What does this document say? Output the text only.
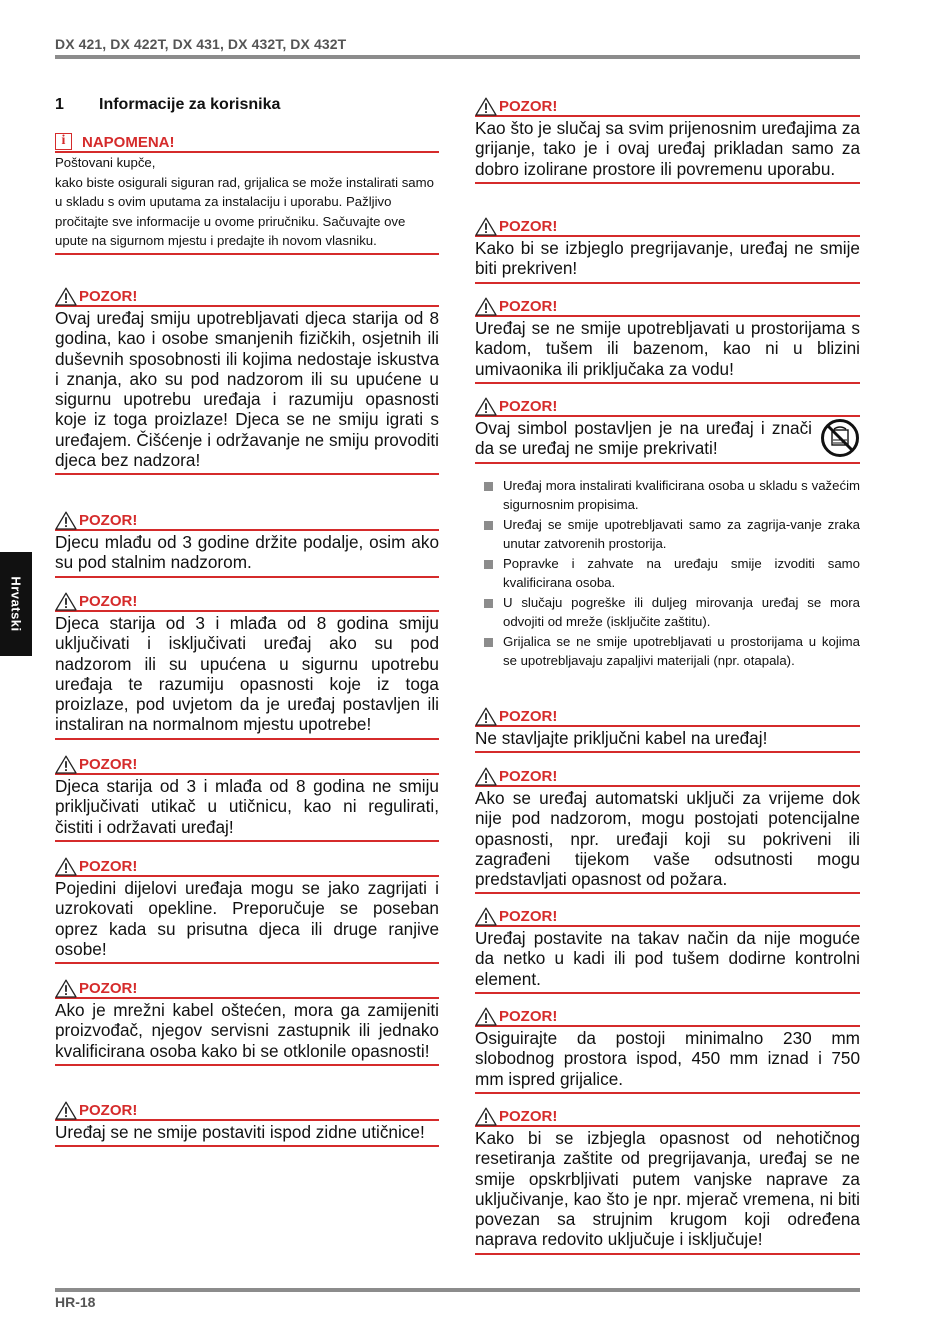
DX 421, DX 422T, DX 431, DX 432T, DX 432T
Hrvatski
1 Informacije za korisnika
i	NAPOMENA!

Poštovani kupče,

kako biste osigurali siguran rad, grijalica se može instalirati samo u skladu s ovim uputama za instalaciju i uporabu. Pažljivo pročitajte sve informacije u ovome priručniku. Sačuvajte ove upute na sigurnom mjestu i predajte ih novom vlasniku.

POZOR!
Ovaj uređaj smiju upotrebljavati djeca starija od 8 godina, kao i osobe smanjenih fizičkih, osjetnih ili duševnih sposobnosti ili kojima nedostaje iskustva i znanja, ako su pod nadzorom ili su upućene u sigurnu upotrebu uređaja i razumiju opasnosti koje iz toga proizlaze! Djeca se ne smiju igrati s uređajem. Čišćenje i održavanje ne smiju provoditi djeca bez nadzora!
POZOR!
Djecu mlađu od 3 godine držite podalje, osim ako su pod stalnim nadzorom.
POZOR!
Djeca starija od 3 i mlađa od 8 godina smiju uključivati i isključivati uređaj ako su pod nadzorom ili su upućena u sigurnu upotrebu uređaja te razumiju opasnosti koje iz toga proizlaze, pod uvjetom da je uređaj postavljen ili instaliran na normalnom mjestu upotrebe!
POZOR!
Djeca starija od 3 i mlađa od 8 godina ne smiju priključivati utikač u utičnicu, kao ni regulirati, čistiti i održavati uređaj!
POZOR!
Pojedini dijelovi uređaja mogu se jako zagrijati i uzrokovati opekline. Preporučuje se poseban oprez kada su prisutna djeca ili druge ranjive osobe!
POZOR!
Ako je mrežni kabel oštećen, mora ga zamijeniti proizvođač, njegov servisni zastupnik ili jednako kvalificirana osoba kako bi se otklonile opasnosti!
POZOR!
Uređaj se ne smije postaviti ispod zidne utičnice!
POZOR!
Kao što je slučaj sa svim prijenosnim uređajima za grijanje, tako je i ovaj uređaj prikladan samo za dobro izolirane prostore ili povremenu uporabu.
POZOR!
Kako bi se izbjeglo pregrijavanje, uređaj ne smije biti prekriven!
POZOR!
Uređaj se ne smije upotrebljavati u prostorijama s kadom, tušem ili bazenom, kao ni u blizini umivaonika ili priključaka za vodu!
POZOR!
Ovaj simbol postavljen je na uređaj i znači da se uređaj ne smije prekrivati!
Uređaj mora instalirati kvalificirana osoba u skladu s važećim sigurnosnim propisima.
Uređaj se smije upotrebljavati samo za zagrija-vanje zraka unutar zatvorenih prostorija.
Popravke i zahvate na uređaju smije izvoditi samo kvalificirana osoba.
U slučaju pogreške ili duljeg mirovanja uređaj se mora odvojiti od mreže (isključite zaštitu).
Grijalica se ne smije upotrebljavati u prostorijama u kojima se upotrebljavaju zapaljivi materijali (npr. otapala).
POZOR!
Ne stavljajte priključni kabel na uređaj!
POZOR!
Ako se uređaj automatski uključi za vrijeme dok nije pod nadzorom, mogu postojati potencijalne opasnosti, npr. uređaji koji su pokriveni ili zagrađeni tijekom vaše odsutnosti mogu predstavljati opasnost od požara.
POZOR!
Uređaj postavite na takav način da nije moguće da netko u kadi ili pod tušem dodirne kontrolni element.
POZOR!
Osiguirajte da postoji minimalno 230 mm slobodnog prostora ispod, 450 mm iznad i 750 mm ispred grijalice.
POZOR!
Kako bi se izbjegla opasnost od nehotičnog resetiranja zaštite od pregrijavanja, uređaj se ne smije opskrbljivati putem vanjske naprave za uključivanje, kao što je npr. mjerač vremena, ni biti povezan sa strujnim krugom koji određena naprava redovito uključuje i isključuje!
HR-18
